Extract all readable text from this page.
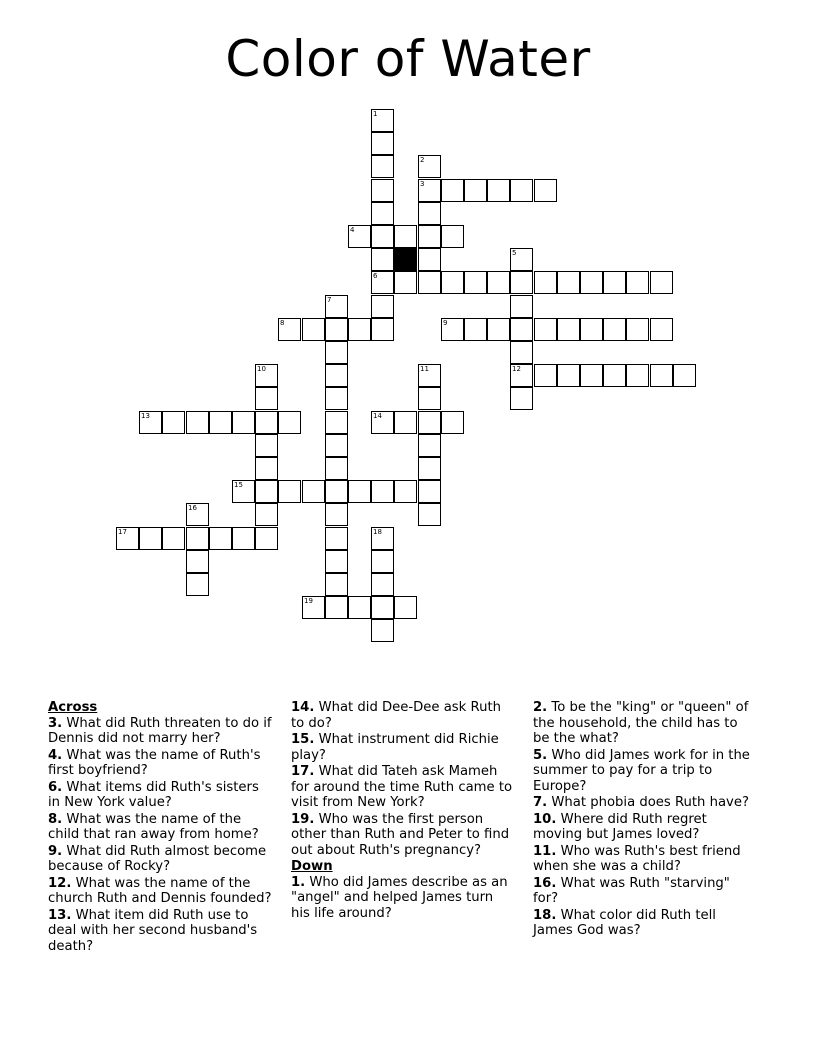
Color of Water
3
4
6
8	9
12
13	14
15
17
19
1
2
5
7
10	11
16
18
Across
3. What did Ruth threaten to do if Dennis did not marry her?
4. What was the name of Ruth's first boyfriend?
6. What items did Ruth's sisters in New York value?
8. What was the name of the child that ran away from home?
9. What did Ruth almost become because of Rocky?
12. What was the name of the church Ruth and Dennis founded?
13. What item did Ruth use to deal with her second husband's death?
14. What did Dee-Dee ask Ruth to do?
15. What instrument did Richie play?
17. What did Tateh ask Mameh for around the time Ruth came to visit from New York?
19. Who was the first person other than Ruth and Peter to find out about Ruth's pregnancy?
Down
1. Who did James describe as an "angel" and helped James turn his life around?
2. To be the "king" or "queen" of the household, the child has to be the what?
5. Who did James work for in the summer to pay for a trip to Europe?
7. What phobia does Ruth have?
10. Where did Ruth regret moving but James loved?
11. Who was Ruth's best friend when she was a child?
16. What was Ruth "starving" for?
18. What color did Ruth tell James God was?
